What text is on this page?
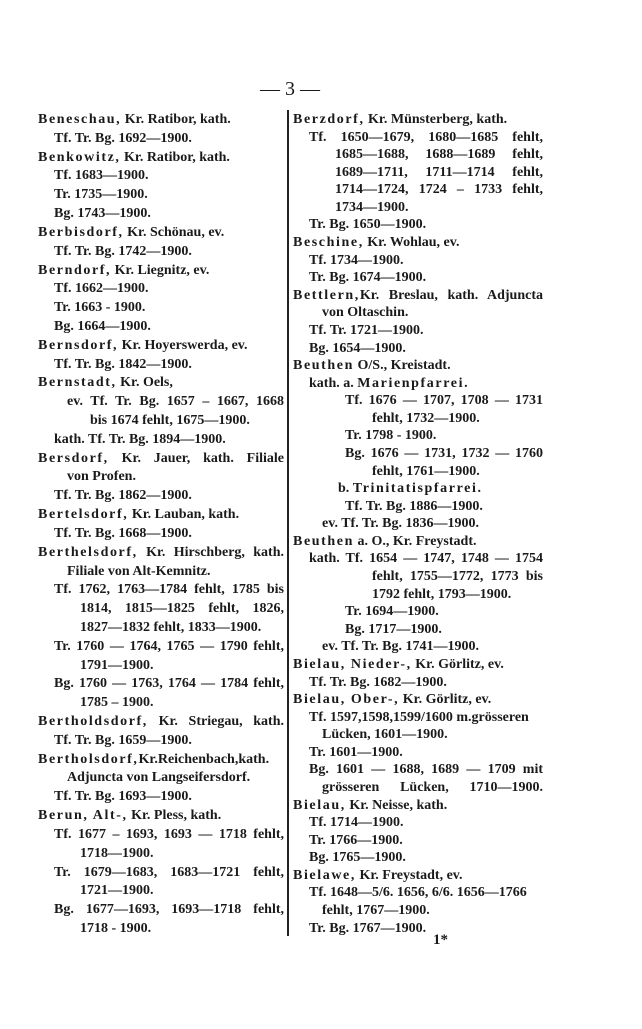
— 3 —
Beneschau, Kr. Ratibor, kath.
Tf. Tr. Bg. 1692—1900.
Benkowitz, Kr. Ratibor, kath.
Tf. 1683—1900.
Tr. 1735—1900.
Bg. 1743—1900.
Berbisdorf, Kr. Schönau, ev.
Tf. Tr. Bg. 1742—1900.
Berndorf, Kr. Liegnitz, ev.
Tf. 1662—1900.
Tr. 1663 - 1900.
Bg. 1664—1900.
Bernsdorf, Kr. Hoyerswerda, ev.
Tf. Tr. Bg. 1842—1900.
Bernstadt, Kr. Oels,
ev. Tf. Tr. Bg. 1657 – 1667, 1668
bis 1674 fehlt, 1675—1900.
kath. Tf. Tr. Bg. 1894—1900.
Bersdorf, Kr. Jauer, kath. Filiale
von Profen.
Tf. Tr. Bg. 1862—1900.
Bertelsdorf, Kr. Lauban, kath.
Tf. Tr. Bg. 1668—1900.
Berthelsdorf, Kr. Hirschberg, kath.
Filiale von Alt-Kemnitz.
Tf. 1762, 1763—1784 fehlt, 1785 bis
1814, 1815—1825 fehlt, 1826,
1827—1832 fehlt, 1833—1900.
Tr. 1760 — 1764, 1765 — 1790 fehlt,
1791—1900.
Bg. 1760 — 1763, 1764 — 1784 fehlt,
1785 – 1900.
Bertholdsdorf, Kr. Striegau, kath.
Tf. Tr. Bg. 1659—1900.
Bertholsdorf,Kr.Reichenbach,kath.
Adjuncta von Langseifersdorf.
Tf. Tr. Bg. 1693—1900.
Berun, Alt-, Kr. Pless, kath.
Tf. 1677 – 1693, 1693 — 1718 fehlt,
1718—1900.
Tr. 1679—1683, 1683—1721 fehlt,
1721—1900.
Bg. 1677—1693, 1693—1718 fehlt,
1718 - 1900.
Berzdorf, Kr. Münsterberg, kath.
Tf. 1650—1679, 1680—1685 fehlt,
1685—1688, 1688—1689 fehlt,
1689—1711, 1711—1714 fehlt,
1714—1724, 1724 – 1733 fehlt,
1734—1900.
Tr. Bg. 1650—1900.
Beschine, Kr. Wohlau, ev.
Tf. 1734—1900.
Tr. Bg. 1674—1900.
Bettlern,Kr. Breslau, kath. Adjuncta
von Oltaschin.
Tf. Tr. 1721—1900.
Bg. 1654—1900.
Beuthen O/S., Kreistadt.
kath. a. Marienpfarrei.
Tf. 1676 — 1707, 1708 — 1731
fehlt, 1732—1900.
Tr. 1798 - 1900.
Bg. 1676 — 1731, 1732 — 1760
fehlt, 1761—1900.
b. Trinitatispfarrei.
Tf. Tr. Bg. 1886—1900.
ev. Tf. Tr. Bg. 1836—1900.
Beuthen a. O., Kr. Freystadt.
kath. Tf. 1654 — 1747, 1748 — 1754
fehlt, 1755—1772, 1773 bis
1792 fehlt, 1793—1900.
Tr. 1694—1900.
Bg. 1717—1900.
ev. Tf. Tr. Bg. 1741—1900.
Bielau, Nieder-, Kr. Görlitz, ev.
Tf. Tr. Bg. 1682—1900.
Bielau, Ober-, Kr. Görlitz, ev.
Tf. 1597,1598,1599/1600 m.grösseren
Lücken, 1601—1900.
Tr. 1601—1900.
Bg. 1601 — 1688, 1689 — 1709 mit
grösseren Lücken, 1710—1900.
Bielau, Kr. Neisse, kath.
Tf. 1714—1900.
Tr. 1766—1900.
Bg. 1765—1900.
Bielawe, Kr. Freystadt, ev.
Tf. 1648—5/6. 1656, 6/6. 1656—1766
fehlt, 1767—1900.
Tr. Bg. 1767—1900.
1*
